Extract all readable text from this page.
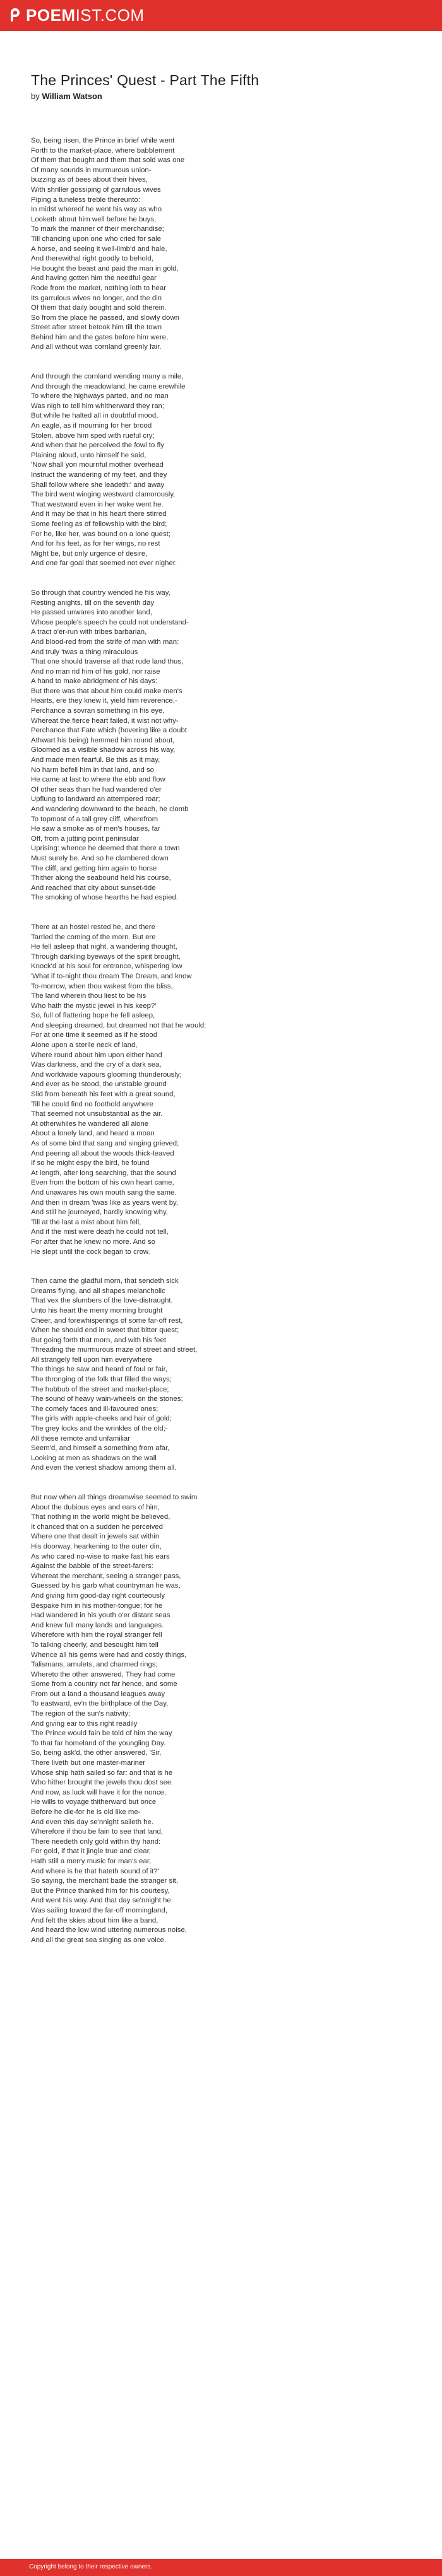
POEMIST.COM
The Princes' Quest - Part The Fifth
by William Watson
So, being risen, the Prince in brief while went
Forth to the market-place, where babblement
Of them that bought and them that sold was one
Of many sounds in murmurous union-
buzzing as of bees about their hives,
With shriller gossiping of garrulous wives
Piping a tuneless treble thereunto:
In midst whereof he went his way as who
Looketh about him well before he buys,
To mark the manner of their merchandise;
Till chancing upon one who cried for sale
A horse, and seeing it well-limb'd and hale,
And therewithal right goodly to behold,
He bought the beast and paid the man in gold,
And having gotten him the needful gear
Rode from the market, nothing loth to hear
Its garrulous wives no longer, and the din
Of them that daily bought and sold therein.
So from the place he passed, and slowly down
Street after street betook him till the town
Behind him and the gates before him were,
And all without was cornland greenly fair.
And through the cornland wending many a mile,
And through the meadowland, he came erewhile
To where the highways parted, and no man
Was nigh to tell him whitherward they ran;
But while he halted all in doubtful mood,
An eagle, as if mourning for her brood
Stolen, above him sped with rueful cry;
And when that he perceived the fowl to fly
Plaining aloud, unto himself he said,
'Now shall yon mournful mother overhead
Instruct the wandering of my feet, and they
Shall follow where she leadeth:' and away
The bird went winging westward clamorously,
That westward even in her wake went he.
And it may be that in his heart there stirred
Some feeling as of fellowship with the bird;
For he, like her, was bound on a lone quest;
And for his feet, as for her wings, no rest
Might be, but only urgence of desire,
And one far goal that seemed not ever nigher.
So through that country wended he his way,
Resting anights, till on the seventh day
He passed unwares into another land,
Whose people's speech he could not understand-
A tract o'er-run with tribes barbarian,
And blood-red from the strife of man with man:
And truly 'twas a thing miraculous
That one should traverse all that rude land thus,
And no man rid him of his gold, nor raise
A hand to make abridgment of his days:
But there was that about him could make men's
Hearts, ere they knew it, yield him reverence,-
Perchance a sovran something in his eye,
Whereat the fierce heart failed, it wist not why-
Perchance that Fate which (hovering like a doubt
Athwart his being) hemmed him round about,
Gloomed as a visible shadow across his way,
And made men fearful. Be this as it may,
No harm befell him in that land, and so
He came at last to where the ebb and flow
Of other seas than he had wandered o'er
Upflung to landward an attempered roar;
And wandering downward to the beach, he clomb
To topmost of a tall grey cliff, wherefrom
He saw a smoke as of men's houses, far
Off, from a jutting point peninsular
Uprising: whence he deemed that there a town
Must surely be. And so he clambered down
The cliff, and getting him again to horse
Thither along the seabound held his course,
And reached that city about sunset-tide
The smoking of whose hearths he had espied.
There at an hostel rested he, and there
Tarried the coming of the morn. But ere
He fell asleep that night, a wandering thought,
Through darkling byeways of the spirit brought,
Knock'd at his soul for entrance, whispering low
'What if to-night thou dream The Dream, and know
To-morrow, when thou wakest from the bliss,
The land wherein thou liest to be his
Who hath the mystic jewel in his keep?'
So, full of flattering hope he fell asleep,
And sleeping dreamed, but dreamed not that he would:
For at one time it seemed as if he stood
Alone upon a sterile neck of land,
Where round about him upon either hand
Was darkness, and the cry of a dark sea,
And worldwide vapours glooming thunderously;
And ever as he stood, the unstable ground
Slid from beneath his feet with a great sound,
Till he could find no foothold anywhere
That seemed not unsubstantial as the air.
At otherwhiles he wandered all alone
About a lonely land, and heard a moan
As of some bird that sang and singing grieved;
And peering all about the woods thick-leaved
If so he might espy the bird, he found
At length, after long searching, that the sound
Even from the bottom of his own heart came,
And unawares his own mouth sang the same.
And then in dream 'twas like as years went by,
And still he journeyed, hardly knowing why,
Till at the last a mist about him fell,
And if the mist were death he could not tell,
For after that he knew no more. And so
He slept until the cock began to crow.
Then came the gladful morn, that sendeth sick
Dreams flying, and all shapes melancholic
That vex the slumbers of the love-distraught.
Unto his heart the merry morning brought
Cheer, and forewhisperings of some far-off rest,
When he should end in sweet that bitter quest;
But going forth that morn, and with his feet
Threading the murmurous maze of street and street,
All strangely fell upon him everywhere
The things he saw and heard of foul or fair,
The thronging of the folk that filled the ways;
The hubbub of the street and market-place;
The sound of heavy wain-wheels on the stones;
The comely faces and ill-favoured ones;
The girls with apple-cheeks and hair of gold;
The grey locks and the wrinkles of the old;-
All these remote and unfamiliar
Seem'd, and himself a something from afar,
Looking at men as shadows on the wall
And even the veriest shadow among them all.
But now when all things dreamwise seemed to swim
About the dubious eyes and ears of him,
That nothing in the world might be believed,
It chanced that on a sudden he perceived
Where one that dealt in jewels sat within
His doorway, hearkening to the outer din,
As who cared no-wise to make fast his ears
Against the babble of the street-farers:
Whereat the merchant, seeing a stranger pass,
Guessed by his garb what countryman he was,
And giving him good-day right courteously
Bespake him in his mother-tongue; for he
Had wandered in his youth o'er distant seas
And knew full many lands and languages.
Wherefore with him the royal stranger fell
To talking cheerly, and besought him tell
Whence all his gems were had and costly things,
Talismans, amulets, and charmed rings;
Whereto the other answered, They had come
Some from a country not far hence, and some
From out a land a thousand leagues away
To eastward, ev'n the birthplace of the Day,
The region of the sun's nativity;
And giving ear to this right readily
The Prince would fain be told of him the way
To that far homeland of the youngling Day.
So, being ask'd, the other answered, 'Sir,
There liveth but one master-mariner
Whose ship hath sailed so far: and that is he
Who hither brought the jewels thou dost see.
And now, as luck will have it for the nonce,
He wills to voyage thitherward but once
Before he die-for he is old like me-
And even this day se'nnight saileth he.
Wherefore if thou be fain to see that land,
There needeth only gold within thy hand:
For gold, if that it jingle true and clear,
Hath still a merry music for man's ear,
And where is he that hateth sound of it?'
So saying, the merchant bade the stranger sit,
But the Prince thanked him for his courtesy,
And went his way. And that day se'nnight he
Was sailing toward the far-off morningland,
And felt the skies about him like a band,
And heard the low wind uttering numerous noise,
And all the great sea singing as one voice.
Copyright belong to their respective owners.
